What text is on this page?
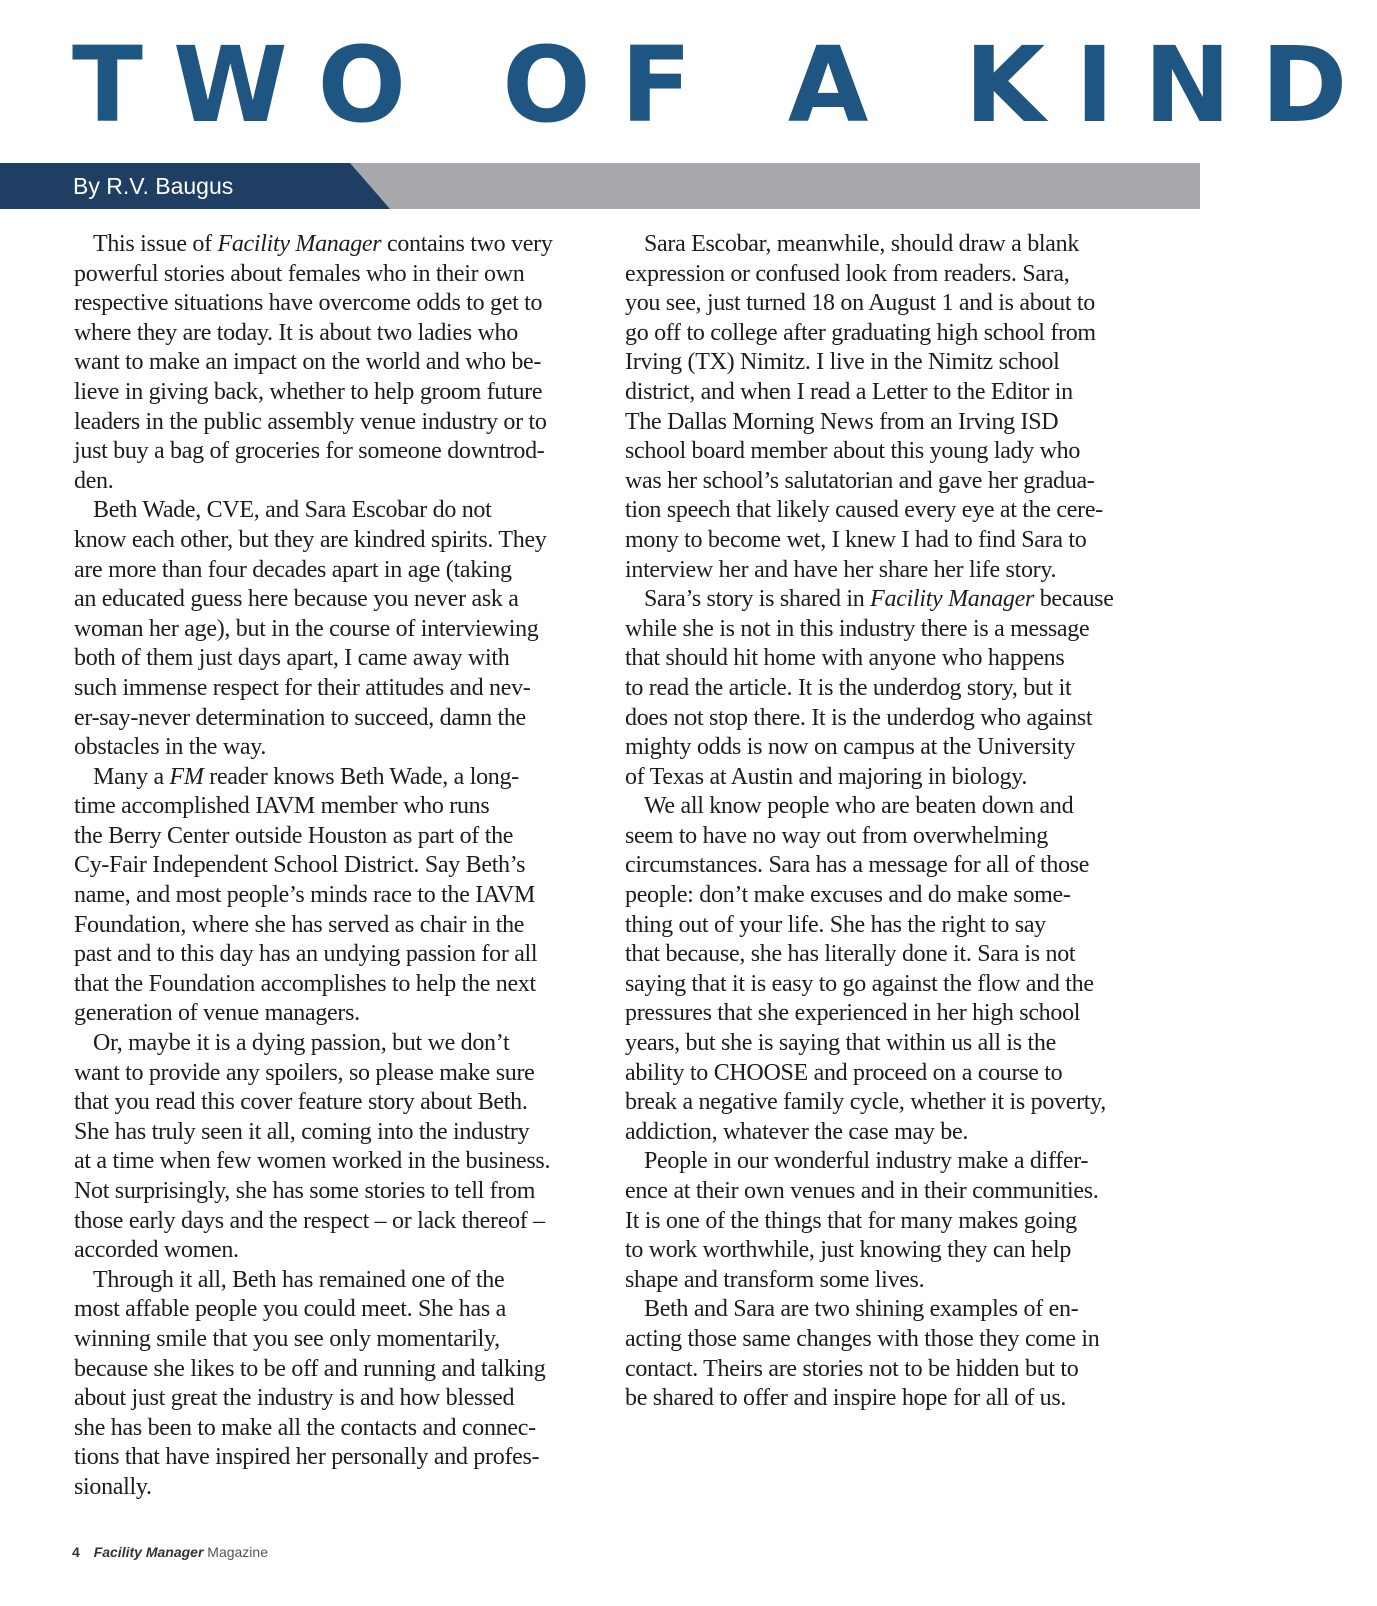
TWO OF A KIND
By R.V. Baugus

This issue of Facility Manager contains two very
powerful stories about females who in their own
respective situations have overcome odds to get to
where they are today. It is about two ladies who
want to make an impact on the world and who be-
lieve in giving back, whether to help groom future
leaders in the public assembly venue industry or to
just buy a bag of groceries for someone downtrod-
den.

Beth Wade, CVE, and Sara Escobar do not
know each other, but they are kindred spirits. They
are more than four decades apart in age (taking
an educated guess here because you never ask a
woman her age), but in the course of interviewing
both of them just days apart, I came away with
such immense respect for their attitudes and nev-
er-say-never determination to succeed, damn the
obstacles in the way.

Many a FM reader knows Beth Wade, a long-
time accomplished IAVM member who runs
the Berry Center outside Houston as part of the
Cy-Fair Independent School District. Say Beth’s
name, and most people’s minds race to the IAVM
Foundation, where she has served as chair in the
past and to this day has an undying passion for all
that the Foundation accomplishes to help the next
generation of venue managers.

Or, maybe it is a dying passion, but we don’t
want to provide any spoilers, so please make sure
that you read this cover feature story about Beth.
She has truly seen it all, coming into the industry
at a time when few women worked in the business.
Not surprisingly, she has some stories to tell from
those early days and the respect – or lack thereof –
accorded women.

Through it all, Beth has remained one of the
most affable people you could meet. She has a
winning smile that you see only momentarily,
because she likes to be off and running and talking
about just great the industry is and how blessed
she has been to make all the contacts and connec-
tions that have inspired her personally and profes-
sionally.

Sara Escobar, meanwhile, should draw a blank
expression or confused look from readers. Sara,
you see, just turned 18 on August 1 and is about to
go off to college after graduating high school from
Irving (TX) Nimitz. I live in the Nimitz school
district, and when I read a Letter to the Editor in
The Dallas Morning News from an Irving ISD
school board member about this young lady who
was her school’s salutatorian and gave her gradua-
tion speech that likely caused every eye at the cere-
mony to become wet, I knew I had to find Sara to
interview her and have her share her life story.

Sara’s story is shared in Facility Manager because
while she is not in this industry there is a message
that should hit home with anyone who happens
to read the article. It is the underdog story, but it
does not stop there. It is the underdog who against
mighty odds is now on campus at the University
of Texas at Austin and majoring in biology.

We all know people who are beaten down and
seem to have no way out from overwhelming
circumstances. Sara has a message for all of those
people: don’t make excuses and do make some-
thing out of your life. She has the right to say
that because, she has literally done it. Sara is not
saying that it is easy to go against the flow and the
pressures that she experienced in her high school
years, but she is saying that within us all is the
ability to CHOOSE and proceed on a course to
break a negative family cycle, whether it is poverty,
addiction, whatever the case may be.

People in our wonderful industry make a differ-
ence at their own venues and in their communities.
It is one of the things that for many makes going
to work worthwhile, just knowing they can help
shape and transform some lives.

Beth and Sara are two shining examples of en-
acting those same changes with those they come in
contact. Theirs are stories not to be hidden but to
be shared to offer and inspire hope for all of us.

4 Facility Manager Magazine
